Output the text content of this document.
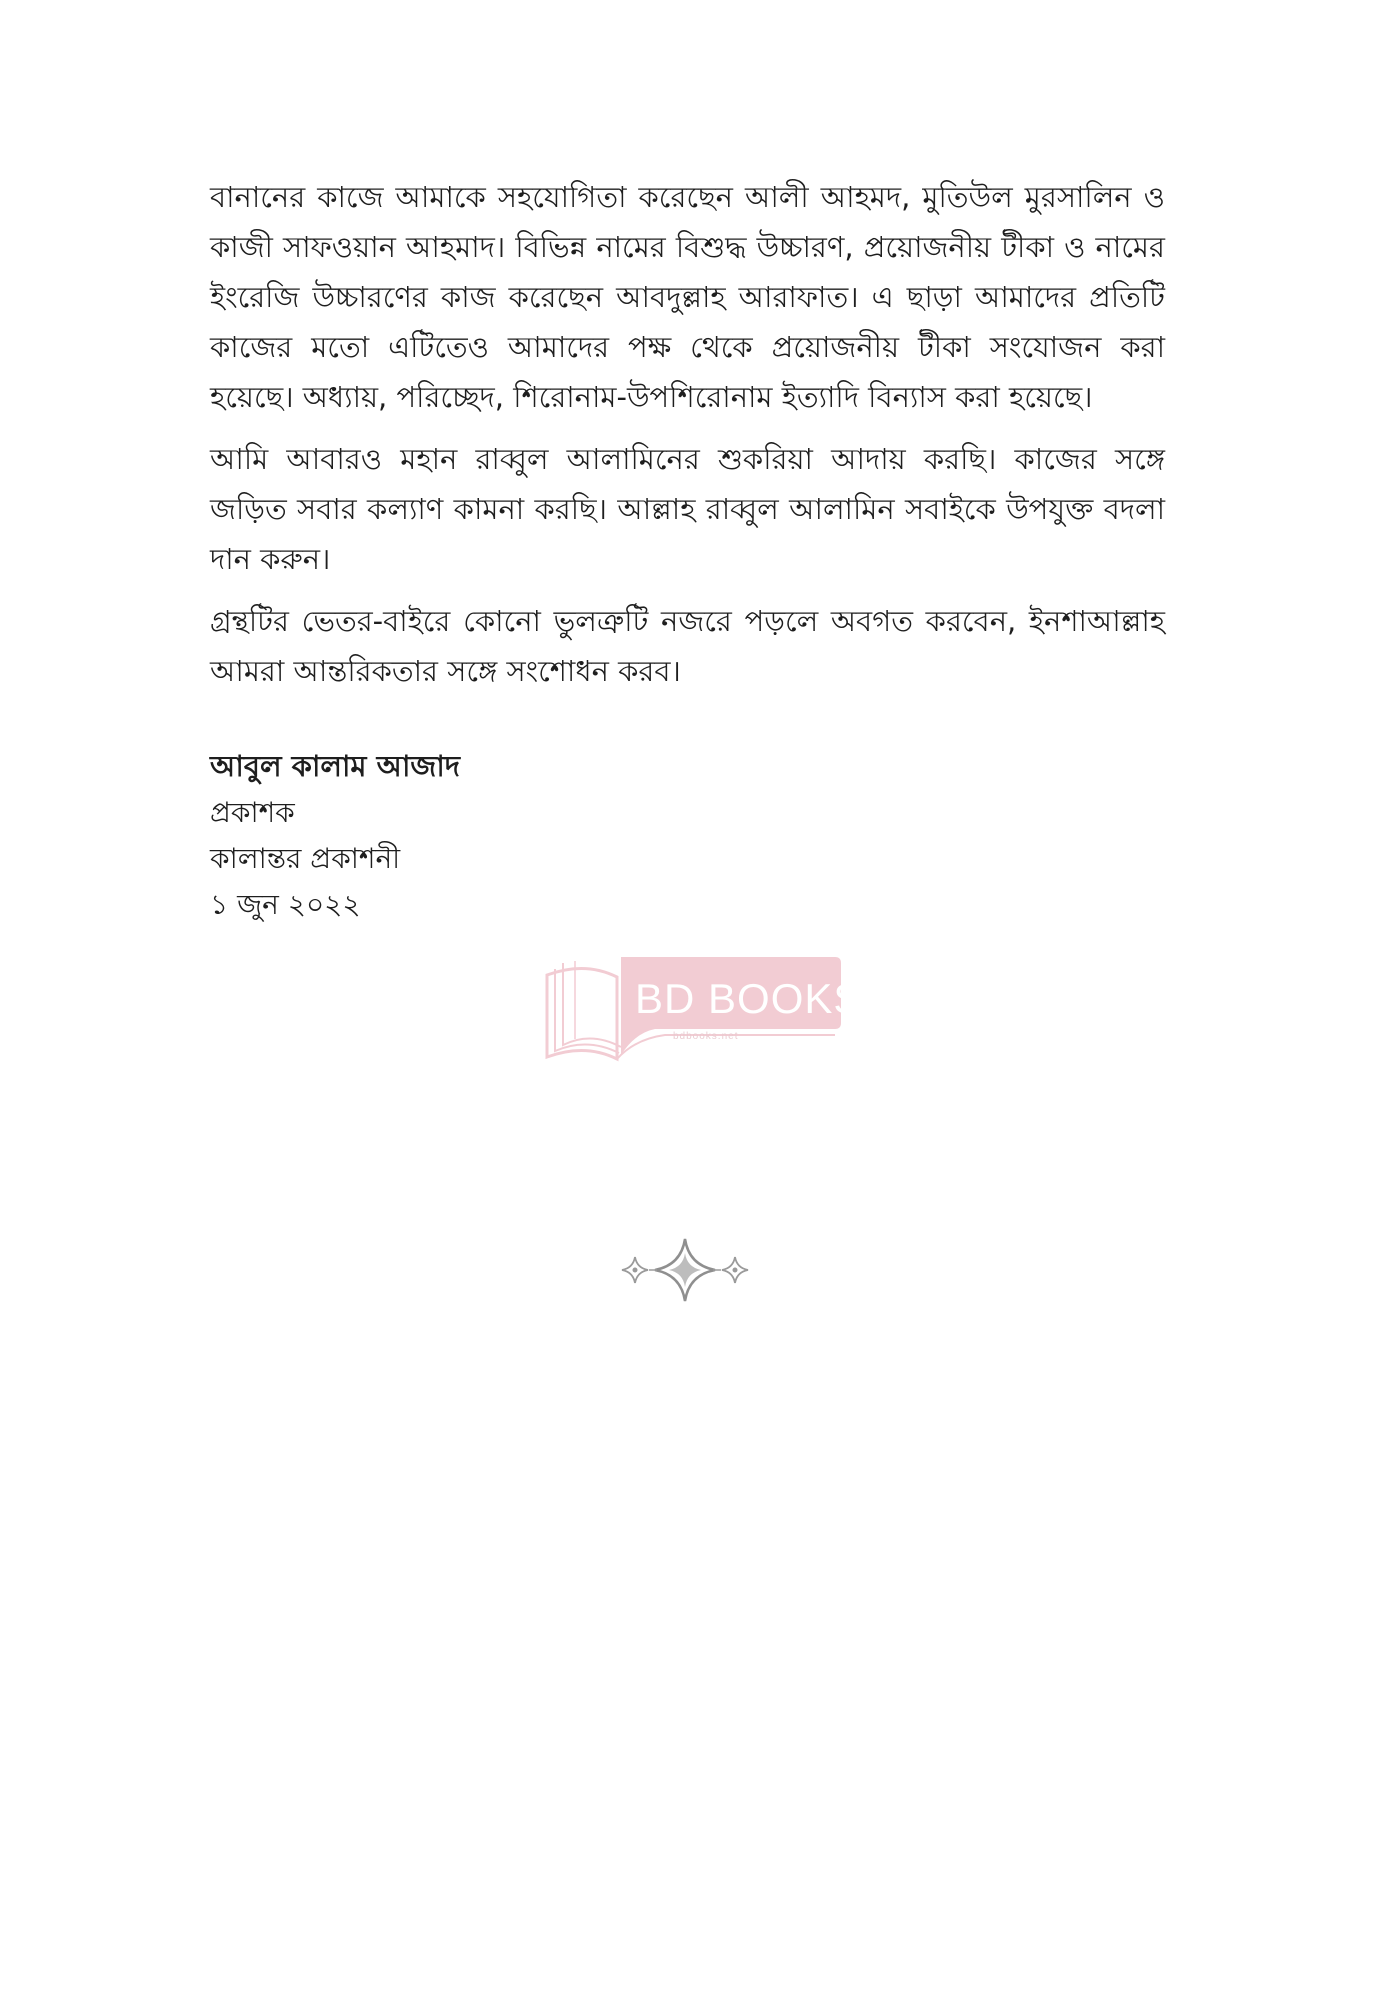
বানানের কাজে আমাকে সহযোগিতা করেছেন আলী আহমদ, মুতিউল মুরসালিন ও কাজী সাফওয়ান আহমাদ। বিভিন্ন নামের বিশুদ্ধ উচ্চারণ, প্রয়োজনীয় টীকা ও নামের ইংরেজি উচ্চারণের কাজ করেছেন আবদুল্লাহ আরাফাত। এ ছাড়া আমাদের প্রতিটি কাজের মতো এটিতেও আমাদের পক্ষ থেকে প্রয়োজনীয় টীকা সংযোজন করা হয়েছে। অধ্যায়, পরিচ্ছেদ, শিরোনাম-উপশিরোনাম ইত্যাদি বিন্যাস করা হয়েছে।

আমি আবারও মহান রাব্বুল আলামিনের শুকরিয়া আদায় করছি। কাজের সঙ্গে জড়িত সবার কল্যাণ কামনা করছি। আল্লাহ রাব্বুল আলামিন সবাইকে উপযুক্ত বদলা দান করুন।

গ্রন্থটির ভেতর-বাইরে কোনো ভুলত্রুটি নজরে পড়লে অবগত করবেন, ইনশাআল্লাহ আমরা আন্তরিকতার সঙ্গে সংশোধন করব।

আবুল কালাম আজাদ
প্রকাশক
কালান্তর প্রকাশনী
১ জুন ২০২২
BD BOOKS
bdbooks.net
